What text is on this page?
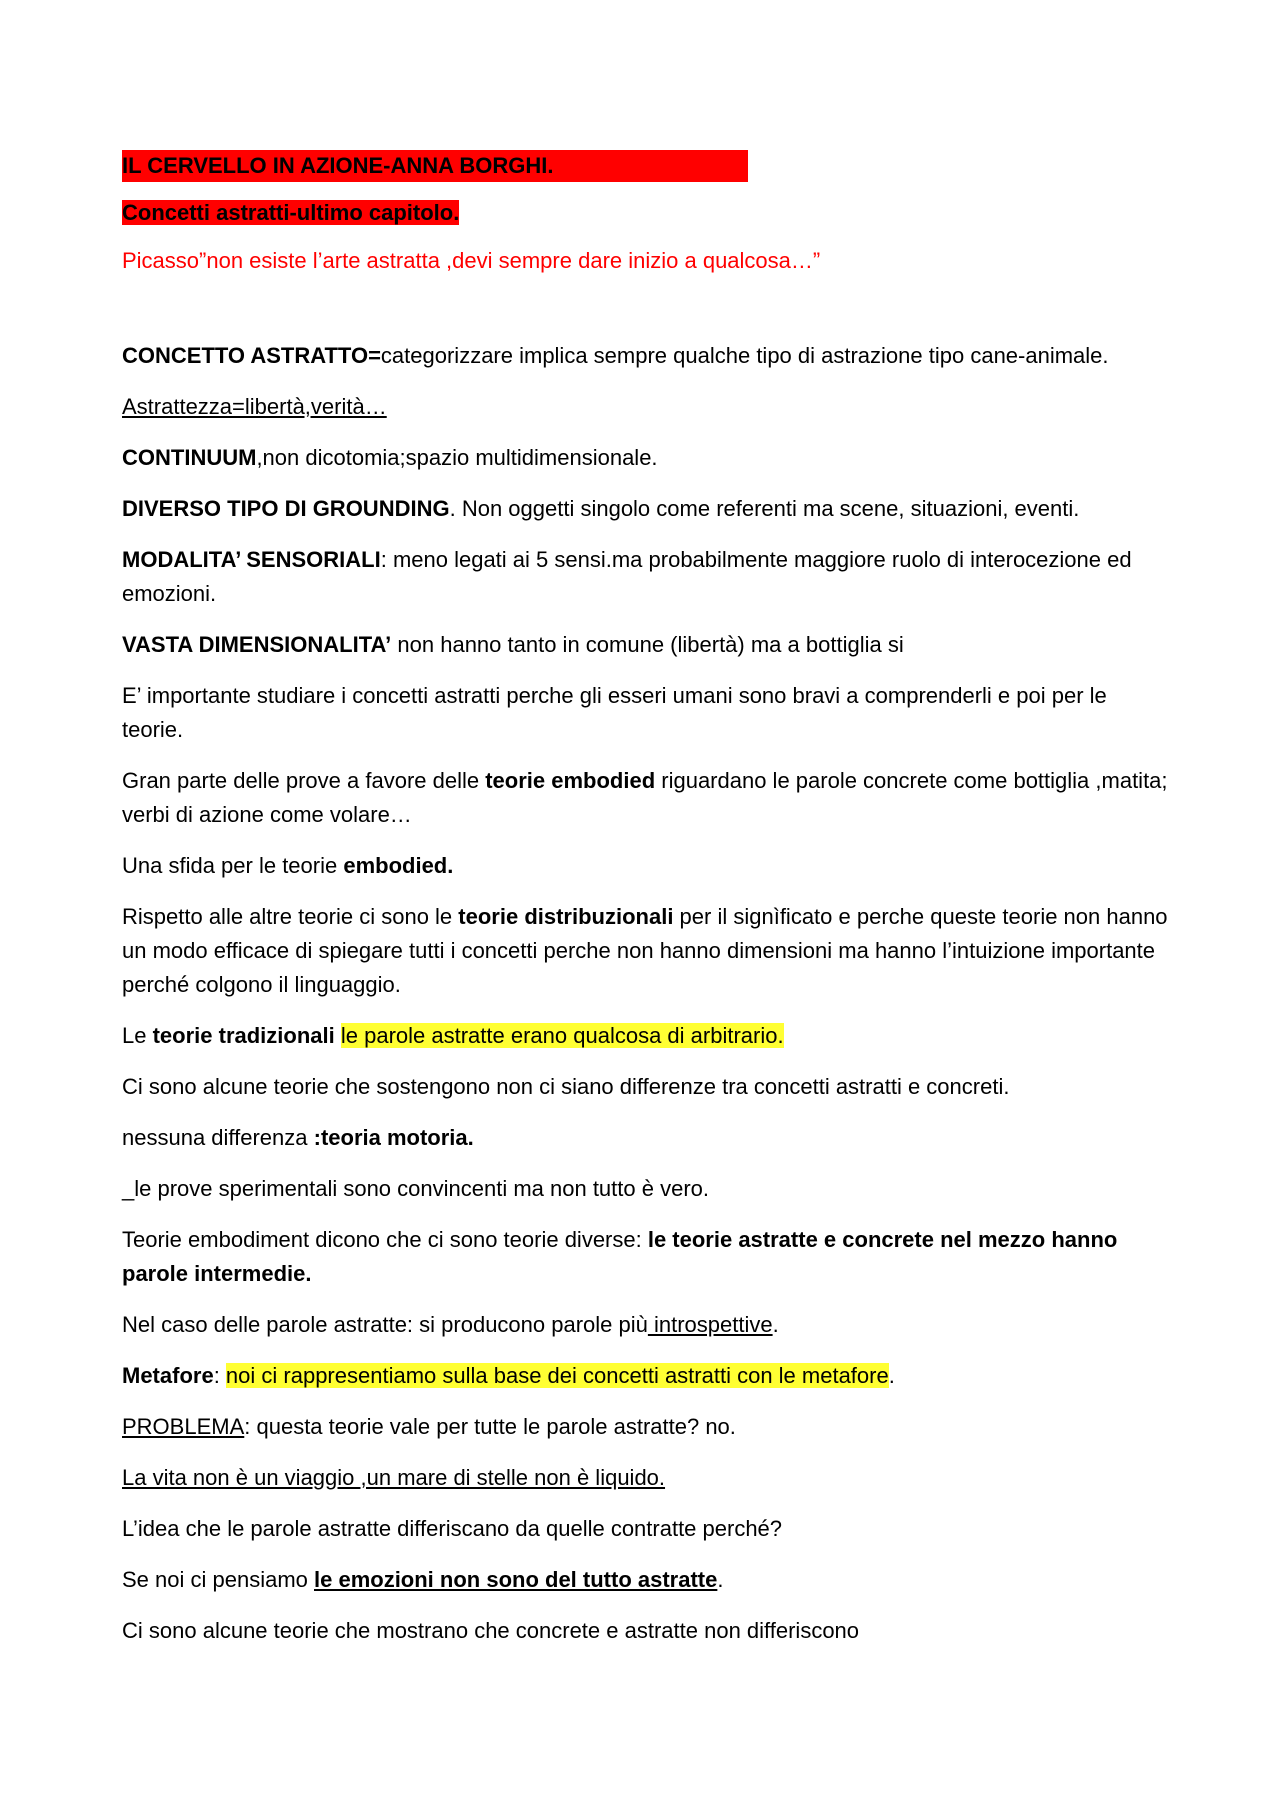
IL CERVELLO IN AZIONE-ANNA BORGHI.
Concetti astratti-ultimo capitolo.
Picasso”non esiste l’arte astratta ,devi sempre dare inizio a qualcosa…”
CONCETTO ASTRATTO=categorizzare implica sempre qualche tipo di astrazione tipo cane-animale.
Astrattezza=libertà,verità…
CONTINUUM,non dicotomia;spazio multidimensionale.
DIVERSO TIPO DI GROUNDING. Non oggetti singolo come referenti ma scene, situazioni, eventi.
MODALITA’ SENSORIALI: meno legati ai 5 sensi.ma probabilmente maggiore ruolo di interocezione ed emozioni.
VASTA DIMENSIONALITA’ non hanno tanto in comune (libertà) ma a bottiglia si
E’ importante studiare i concetti astratti perche gli esseri umani sono bravi a comprenderli e poi per le teorie.
Gran parte delle prove a favore delle teorie embodied riguardano le parole concrete come bottiglia ,matita; verbi di azione come volare…
Una sfida per le teorie embodied.
Rispetto alle altre teorie ci sono le teorie distribuzionali per il signìficato e perche queste teorie non hanno un modo efficace di spiegare tutti i concetti perche non hanno dimensioni ma hanno l’intuizione importante perché colgono il linguaggio.
Le teorie tradizionali le parole astratte erano qualcosa di arbitrario.
Ci sono alcune teorie che sostengono non ci siano differenze tra concetti astratti e concreti.
nessuna differenza :teoria motoria.
_le prove sperimentali sono convincenti ma non tutto è vero.
Teorie embodiment dicono che ci sono teorie diverse: le teorie astratte e concrete nel mezzo hanno parole intermedie.
Nel caso delle parole astratte: si producono parole più introspettive.
Metafore: noi ci rappresentiamo sulla base dei concetti astratti con le metafore.
PROBLEMA: questa teorie vale per tutte le parole astratte? no.
La vita non è un viaggio ,un mare di stelle non è liquido.
L’idea che le parole astratte differiscano da quelle contratte perché?
Se noi ci pensiamo le emozioni non sono del tutto astratte.
Ci sono alcune teorie che mostrano che concrete e astratte non differiscono
